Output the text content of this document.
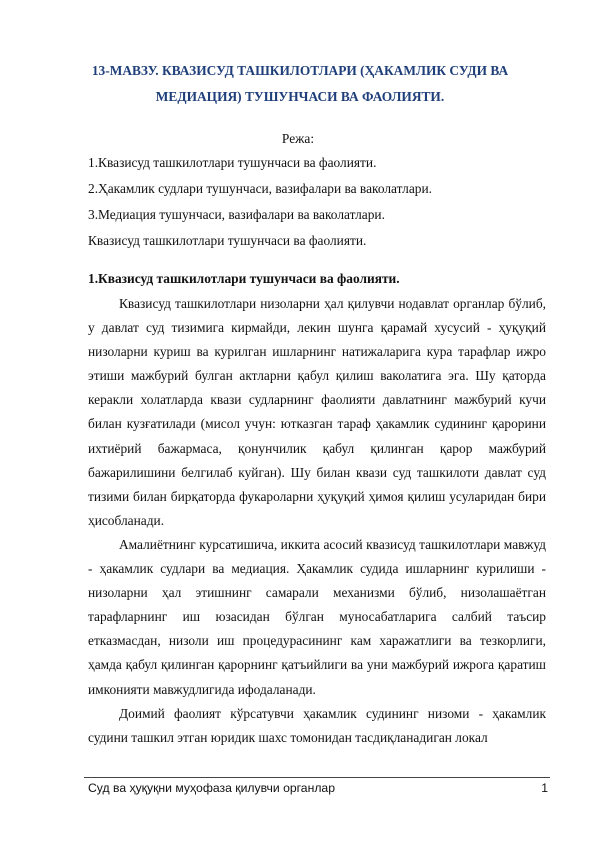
13-МАВЗУ. КВАЗИСУД ТАШКИЛОТЛАРИ (ҲАКАМЛИК СУДИ ВА
МЕДИАЦИЯ) ТУШУНЧАСИ ВА ФАОЛИЯТИ.
Режа:
1.Квазисуд ташкилотлари тушунчаси ва фаолияти.
2.Ҳакамлик судлари тушунчаси, вазифалари ва ваколатлари.
3.Медиация тушунчаси, вазифалари ва ваколатлари.
Квазисуд ташкилотлари тушунчаси ва фаолияти.
1.Квазисуд ташкилотлари тушунчаси ва фаолияти.

Квазисуд ташкилотлари низоларни ҳал қилувчи нодавлат органлар бўлиб, у давлат суд тизимига кирмайди, лекин шунга қарамай хусусий - ҳуқуқий низоларни куриш ва курилган ишларнинг натижаларига кура тарафлар ижро этиши мажбурий булган актларни қабул қилиш ваколатига эга. Шу қаторда керакли холатларда квази судларнинг фаолияти давлатнинг мажбурий кучи билан кузғатилади (мисол учун: ютказган тараф ҳакамлик судининг қарорини ихтиёрий бажармаса, қонунчилик қабул қилинган қарор мажбурий бажарилишини белгилаб куйган). Шу билан квази суд ташкилоти давлат суд тизими билан бирқаторда фукароларни ҳуқуқий ҳимоя қилиш усуларидан бири ҳисобланади.

Амалиётнинг курсатишича, иккита асосий квазисуд ташкилотлари мавжуд - ҳакамлик судлари ва медиация. Ҳакамлик судида ишларнинг курилиши - низоларни ҳал этишнинг самарали механизми бўлиб, низолашаётган тарафларнинг иш юзасидан бўлган муносабатларига салбий таъсир етказмасдан, низоли иш процедурасининг кам харажатлиги ва тезкорлиги, ҳамда қабул қилинган қарорнинг қатъийлиги ва уни мажбурий ижрога қаратиш имконияти мавжудлигида ифодаланади.

Доимий фаолият кўрсатувчи ҳакамлик судининг низоми - ҳакамлик судини ташкил этган юридик шахс томонидан тасдиқланадиган локал

Суд ва ҳуқуқни муҳофаза қилувчи органлар	1
